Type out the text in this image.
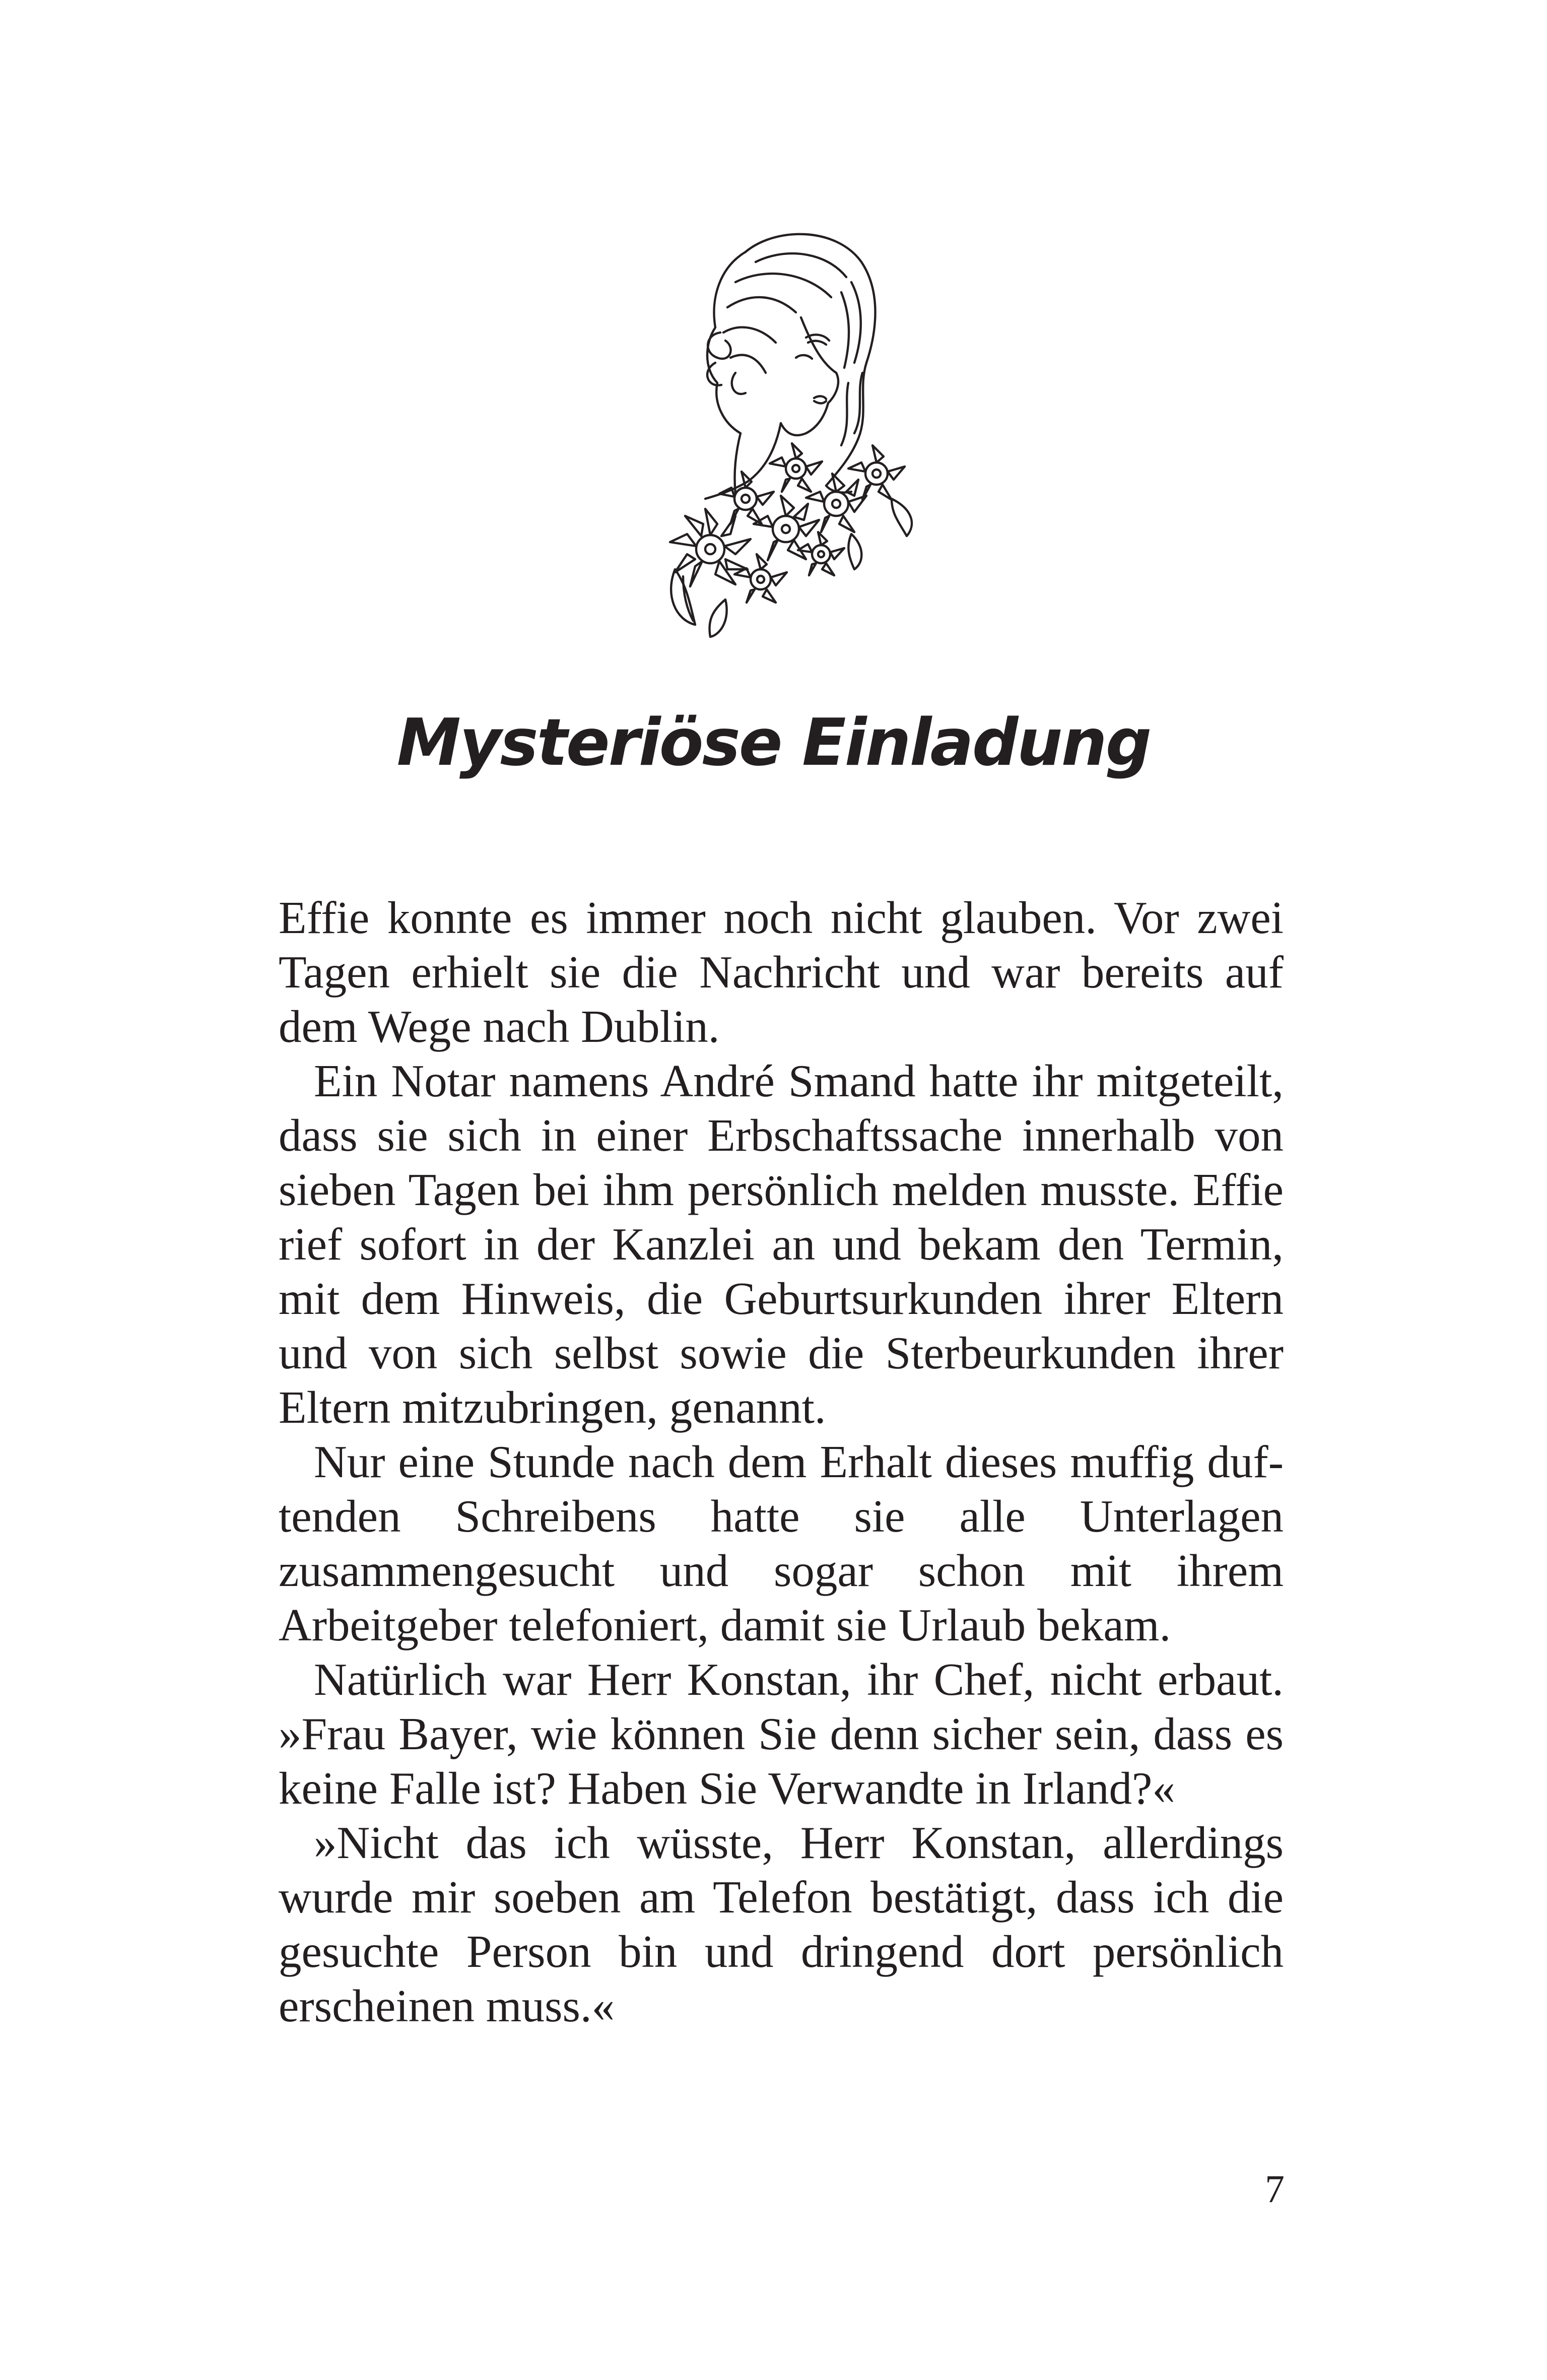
Mysteriöse Einladung

Effie konnte es immer noch nicht glauben. Vor zwei Tagen erhielt sie die Nachricht und war bereits auf dem Wege nach Dublin.

Ein Notar namens André Smand hatte ihr mitgeteilt, dass sie sich in einer Erbschaftssache innerhalb von sieben Tagen bei ihm persönlich melden musste. Effie rief sofort in der Kanzlei an und bekam den Termin, mit dem Hinweis, die Geburtsurkunden ihrer Eltern und von sich selbst sowie die Sterbeurkunden ihrer Eltern mitzubringen, genannt.

Nur eine Stunde nach dem Erhalt dieses muffig duftenden Schreibens hatte sie alle Unterlagen zusammengesucht und sogar schon mit ihrem Arbeitgeber telefoniert, damit sie Urlaub bekam.

Natürlich war Herr Konstan, ihr Chef, nicht erbaut. »Frau Bayer, wie können Sie denn sicher sein, dass es keine Falle ist? Haben Sie Verwandte in Irland?«

»Nicht das ich wüsste, Herr Konstan, allerdings wurde mir soeben am Telefon bestätigt, dass ich die gesuchte Person bin und dringend dort persönlich erscheinen muss.«

7
